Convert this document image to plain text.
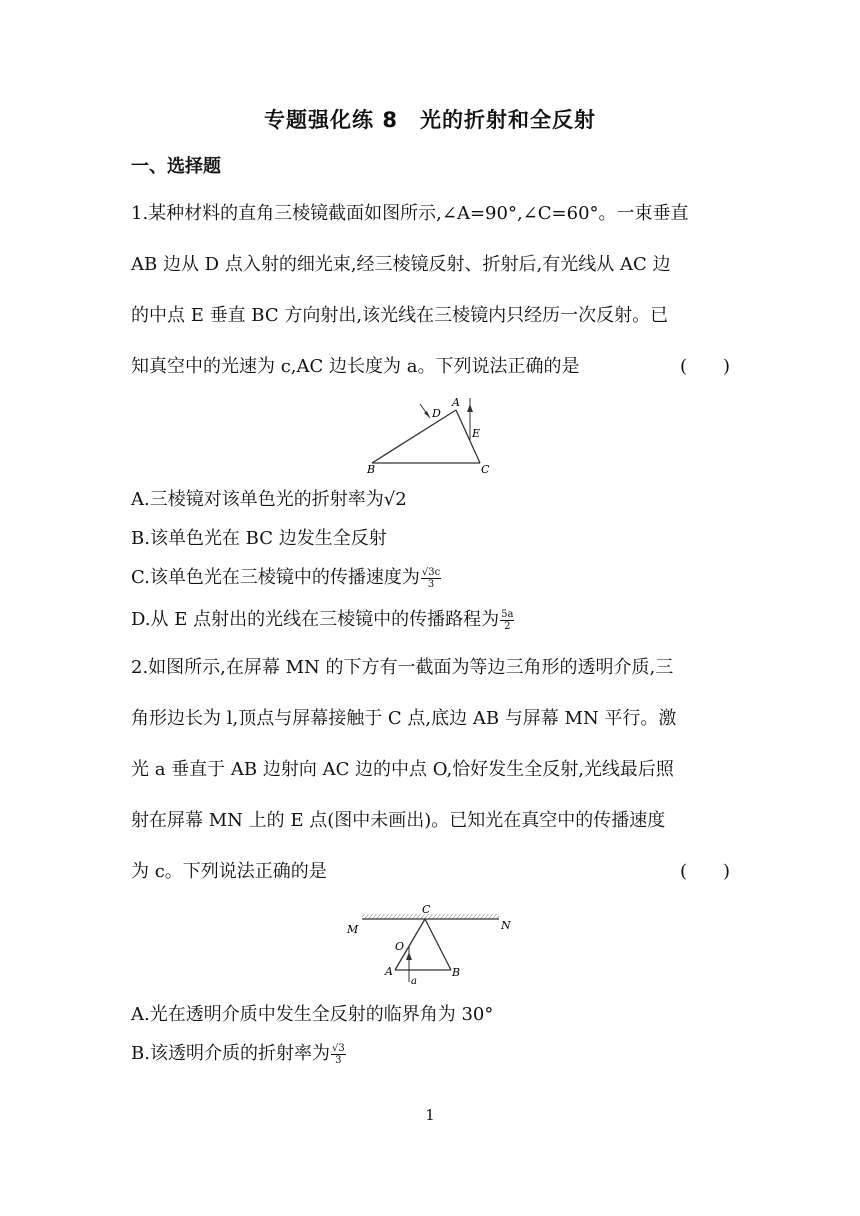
专题强化练 8　光的折射和全反射
一、选择题
1.某种材料的直角三棱镜截面如图所示,∠A=90°,∠C=60°。一束垂直
AB 边从 D 点入射的细光束,经三棱镜反射、折射后,有光线从 AC 边
的中点 E 垂直 BC 方向射出,该光线在三棱镜内只经历一次反射。已
知真空中的光速为 c,AC 边长度为 a。下列说法正确的是	(　　)
D
A
E
B	C
A.三棱镜对该单色光的折射率为√2
B.该单色光在 BC 边发生全反射
C.该单色光在三棱镜中的传播速度为 $\frac{√3c}{3}$
D.从 E 点射出的光线在三棱镜中的传播路程为 $\frac{5a}{2}$
2.如图所示,在屏幕 MN 的下方有一截面为等边三角形的透明介质,三
角形边长为 l,顶点与屏幕接触于 C 点,底边 AB 与屏幕 MN 平行。激
光 a 垂直于 AB 边射向 AC 边的中点 O,恰好发生全反射,光线最后照
射在屏幕 MN 上的 E 点(图中未画出)。已知光在真空中的传播速度
为 c。下列说法正确的是	(　　)
M	N
C
O
A	B
a
A.光在透明介质中发生全反射的临界角为 30°
B.该透明介质的折射率为 $\frac{√3}{3}$
1
